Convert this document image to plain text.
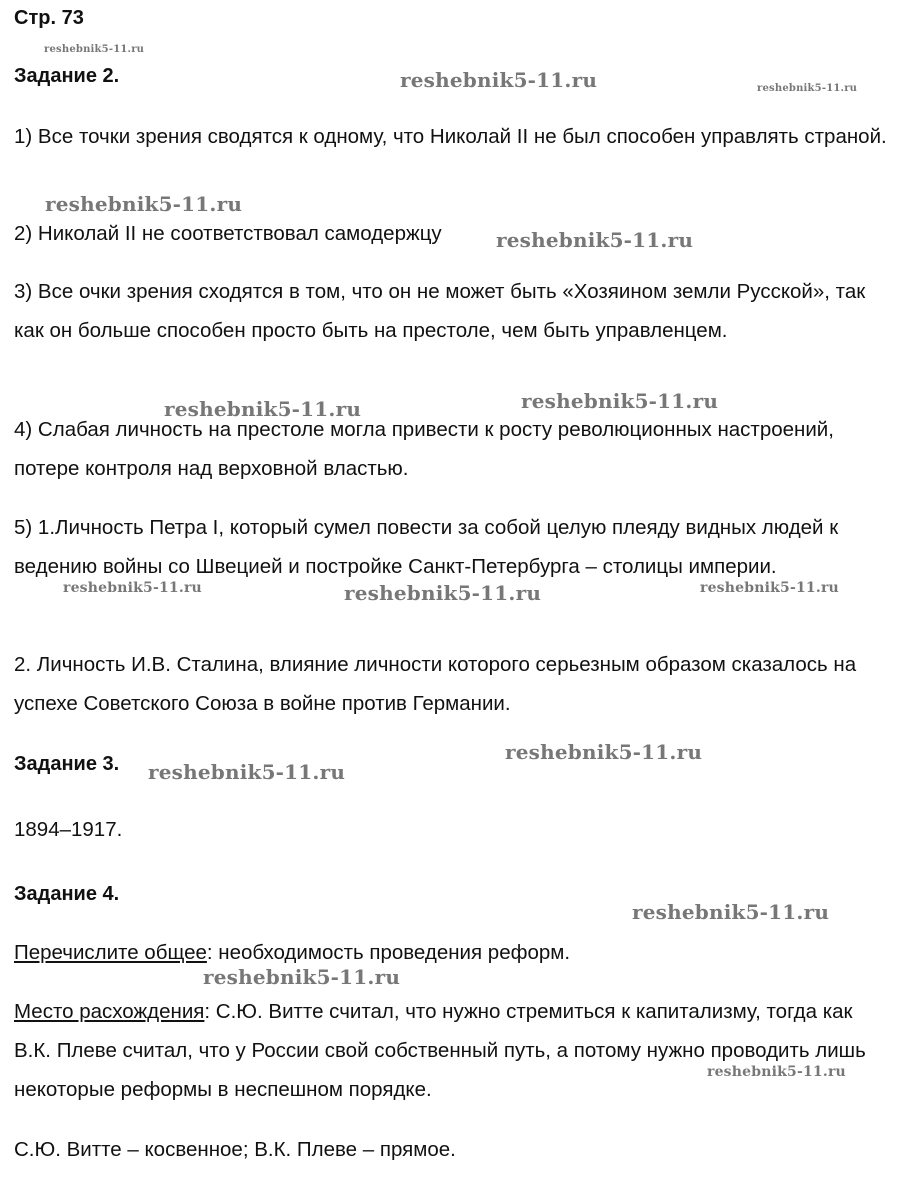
Стр. 73
Задание 2.

1) Все точки зрения сводятся к одному, что Николай II не был способен управлять страной.

2) Николай II не соответствовал самодержцу

3) Все очки зрения сходятся в том, что он не может быть «Хозяином земли Русской», так как он больше способен просто быть на престоле, чем быть управленцем.

4) Слабая личность на престоле могла привести к росту революционных настроений, потере контроля над верховной властью.

5) 1.Личность Петра I, который сумел повести за собой целую плеяду видных людей к ведению войны со Швецией и постройке Санкт-Петербурга – столицы империи.

2. Личность И.В. Сталина, влияние личности которого серьезным образом сказалось на успехе Советского Союза в войне против Германии.

Задание 3.

1894–1917.

Задание 4.

Перечислите общее: необходимость проведения реформ.

Место расхождения: С.Ю. Витте считал, что нужно стремиться к капитализму, тогда как В.К. Плеве считал, что у России свой собственный путь, а потому нужно проводить лишь некоторые реформы в неспешном порядке.

С.Ю. Витте – косвенное; В.К. Плеве – прямое.

reshebnik5-11.ru
reshebnik5-11.ru	reshebnik5-11.ru
reshebnik5-11.ru
reshebnik5-11.ru
reshebnik5-11.ru
reshebnik5-11.ru
reshebnik5-11.ru	reshebnik5-11.ru	reshebnik5-11.ru
reshebnik5-11.ru
reshebnik5-11.ru
reshebnik5-11.ru
reshebnik5-11.ru
reshebnik5-11.ru
